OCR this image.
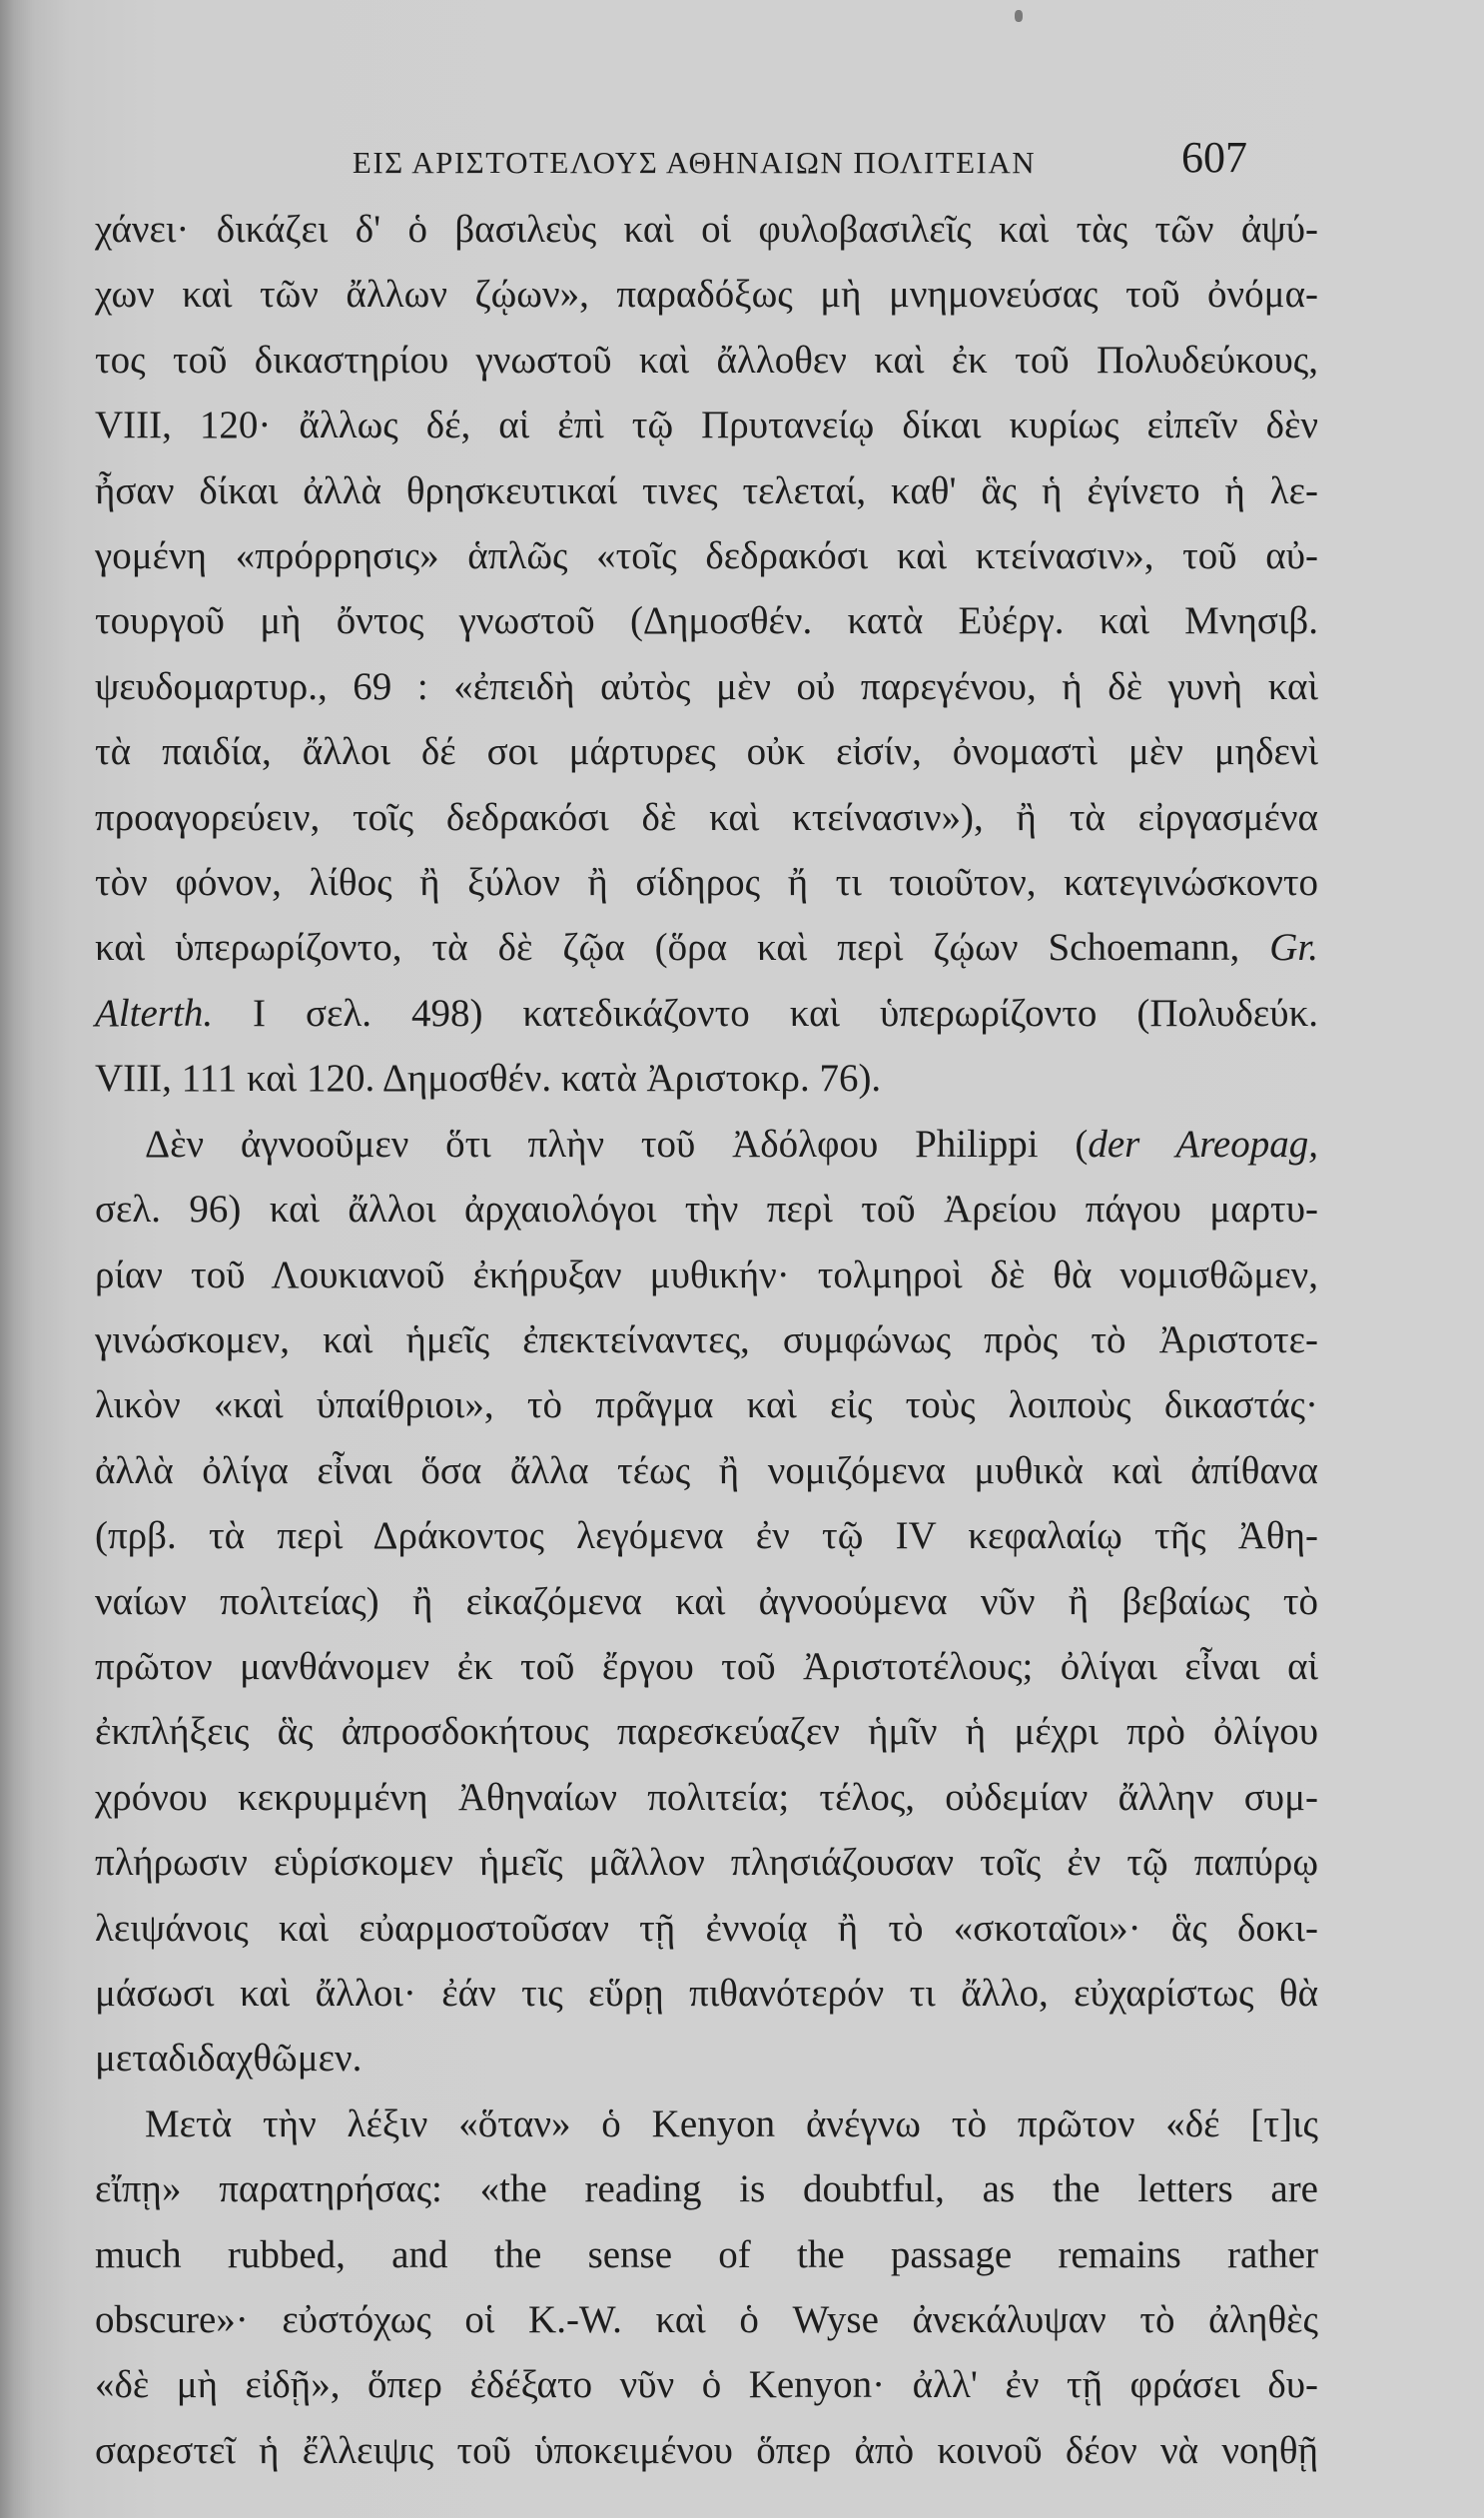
ΕΙΣ ΑΡΙΣΤΟΤΕΛΟΥΣ ΑΘΗΝΑΙΩΝ ΠΟΛΙΤΕΙΑΝ	607
χάνει· δικάζει δ' ὁ βασιλεὺς καὶ οἱ φυλοβασιλεῖς καὶ τὰς τῶν ἀψύ-
χων καὶ τῶν ἄλλων ζῴων», παραδόξως μὴ μνημονεύσας τοῦ ὀνόμα-
τος τοῦ δικαστηρίου γνωστοῦ καὶ ἄλλοθεν καὶ ἐκ τοῦ Πολυδεύκους,
VIII, 120· ἄλλως δέ, αἱ ἐπὶ τῷ Πρυτανείῳ δίκαι κυρίως εἰπεῖν δὲν
ἦσαν δίκαι ἀλλὰ θρησκευτικαί τινες τελεταί, καθ' ἃς ἡ ἐγίνετο ἡ λε-
γομένη «πρόρρησις» ἁπλῶς «τοῖς δεδρακόσι καὶ κτείνασιν», τοῦ αὐ-
τουργοῦ μὴ ὄντος γνωστοῦ (Δημοσθέν. κατὰ Εὐέργ. καὶ Μνησιβ.
ψευδομαρτυρ., 69 : «ἐπειδὴ αὐτὸς μὲν οὐ παρεγένου, ἡ δὲ γυνὴ καὶ
τὰ παιδία, ἄλλοι δέ σοι μάρτυρες οὐκ εἰσίν, ὀνομαστὶ μὲν μηδενὶ
προαγορεύειν, τοῖς δεδρακόσι δὲ καὶ κτείνασιν»), ἢ τὰ εἰργασμένα
τὸν φόνον, λίθος ἢ ξύλον ἢ σίδηρος ἤ τι τοιοῦτον, κατεγινώσκοντο
καὶ ὑπερωρίζοντο, τὰ δὲ ζῷα (ὅρα καὶ περὶ ζῴων Schoemann, Gr.
Alterth. I σελ. 498) κατεδικάζοντο καὶ ὑπερωρίζοντο (Πολυδεύκ.
VIII, 111 καὶ 120. Δημοσθέν. κατὰ Ἀριστοκρ. 76).
Δὲν ἀγνοοῦμεν ὅτι πλὴν τοῦ Ἀδόλφου Philippi (der Areopag,
σελ. 96) καὶ ἄλλοι ἀρχαιολόγοι τὴν περὶ τοῦ Ἀρείου πάγου μαρτυ-
ρίαν τοῦ Λουκιανοῦ ἐκήρυξαν μυθικήν· τολμηροὶ δὲ θὰ νομισθῶμεν,
γινώσκομεν, καὶ ἡμεῖς ἐπεκτείναντες, συμφώνως πρὸς τὸ Ἀριστοτε-
λικὸν «καὶ ὑπαίθριοι», τὸ πρᾶγμα καὶ εἰς τοὺς λοιποὺς δικαστάς·
ἀλλὰ ὀλίγα εἶναι ὅσα ἄλλα τέως ἢ νομιζόμενα μυθικὰ καὶ ἀπίθανα
(πρβ. τὰ περὶ Δράκοντος λεγόμενα ἐν τῷ IV κεφαλαίῳ τῆς Ἀθη-
ναίων πολιτείας) ἢ εἰκαζόμενα καὶ ἀγνοούμενα νῦν ἢ βεβαίως τὸ
πρῶτον μανθάνομεν ἐκ τοῦ ἔργου τοῦ Ἀριστοτέλους; ὀλίγαι εἶναι αἱ
ἐκπλήξεις ἃς ἀπροσδοκήτους παρεσκεύαζεν ἡμῖν ἡ μέχρι πρὸ ὀλίγου
χρόνου κεκρυμμένη Ἀθηναίων πολιτεία; τέλος, οὐδεμίαν ἄλλην συμ-
πλήρωσιν εὑρίσκομεν ἡμεῖς μᾶλλον πλησιάζουσαν τοῖς ἐν τῷ παπύρῳ
λειψάνοις καὶ εὐαρμοστοῦσαν τῇ ἐννοίᾳ ἢ τὸ «σκοταῖοι»· ἃς δοκι-
μάσωσι καὶ ἄλλοι· ἐάν τις εὕρῃ πιθανότερόν τι ἄλλο, εὐχαρίστως θὰ
μεταδιδαχθῶμεν.
Μετὰ τὴν λέξιν «ὅταν» ὁ Kenyon ἀνέγνω τὸ πρῶτον «δέ [τ]ις
εἴπῃ» παρατηρήσας: «the reading is doubtful, as the letters are
much rubbed, and the sense of the passage remains rather
obscure»· εὐστόχως οἱ K.-W. καὶ ὁ Wyse ἀνεκάλυψαν τὸ ἀληθὲς
«δὲ μὴ εἰδῇ», ὅπερ ἐδέξατο νῦν ὁ Kenyon· ἀλλ' ἐν τῇ φράσει δυ-
σαρεστεῖ ἡ ἔλλειψις τοῦ ὑποκειμένου ὅπερ ἀπὸ κοινοῦ δέον νὰ νοηθῇ
